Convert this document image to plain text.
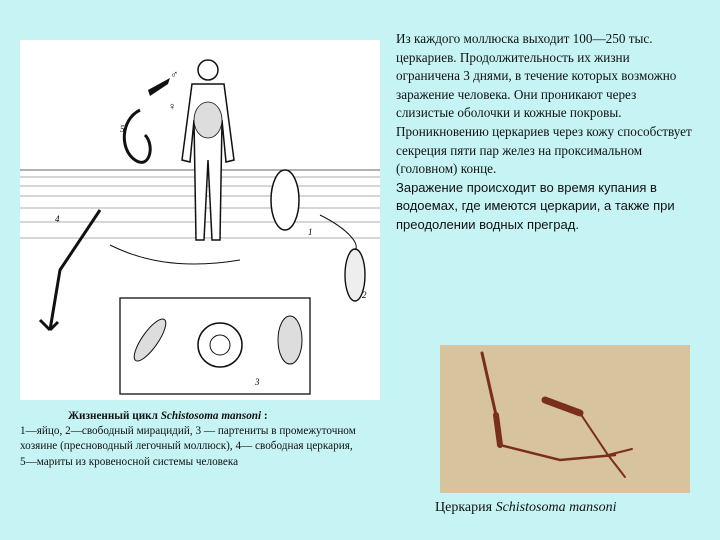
5
♂
♀
1
2
3
4

Из каждого моллюска выходит 100—250 тыс. церкариев. Продолжительность их жизни ограничена 3 днями, в течение которых возможно заражение человека. Они проникают через слизистые оболочки и кожные покровы. Проникновению церкариев через кожу способствует секреция пяти пар желез на проксимальном (головном) конце.

Заражение происходит во время купания в водоемах, где имеются церкарии, а также при преодолении водных преград.

Жизненный цикл Schistosoma mansoni :
1—яйцо, 2—свободный мирацидий, 3 — партениты в промежуточном хозяине (пресноводный легочный моллюск), 4— свободная церкария,
5—мариты из кровеносной системы человека
Церкария Schistosoma mansoni
